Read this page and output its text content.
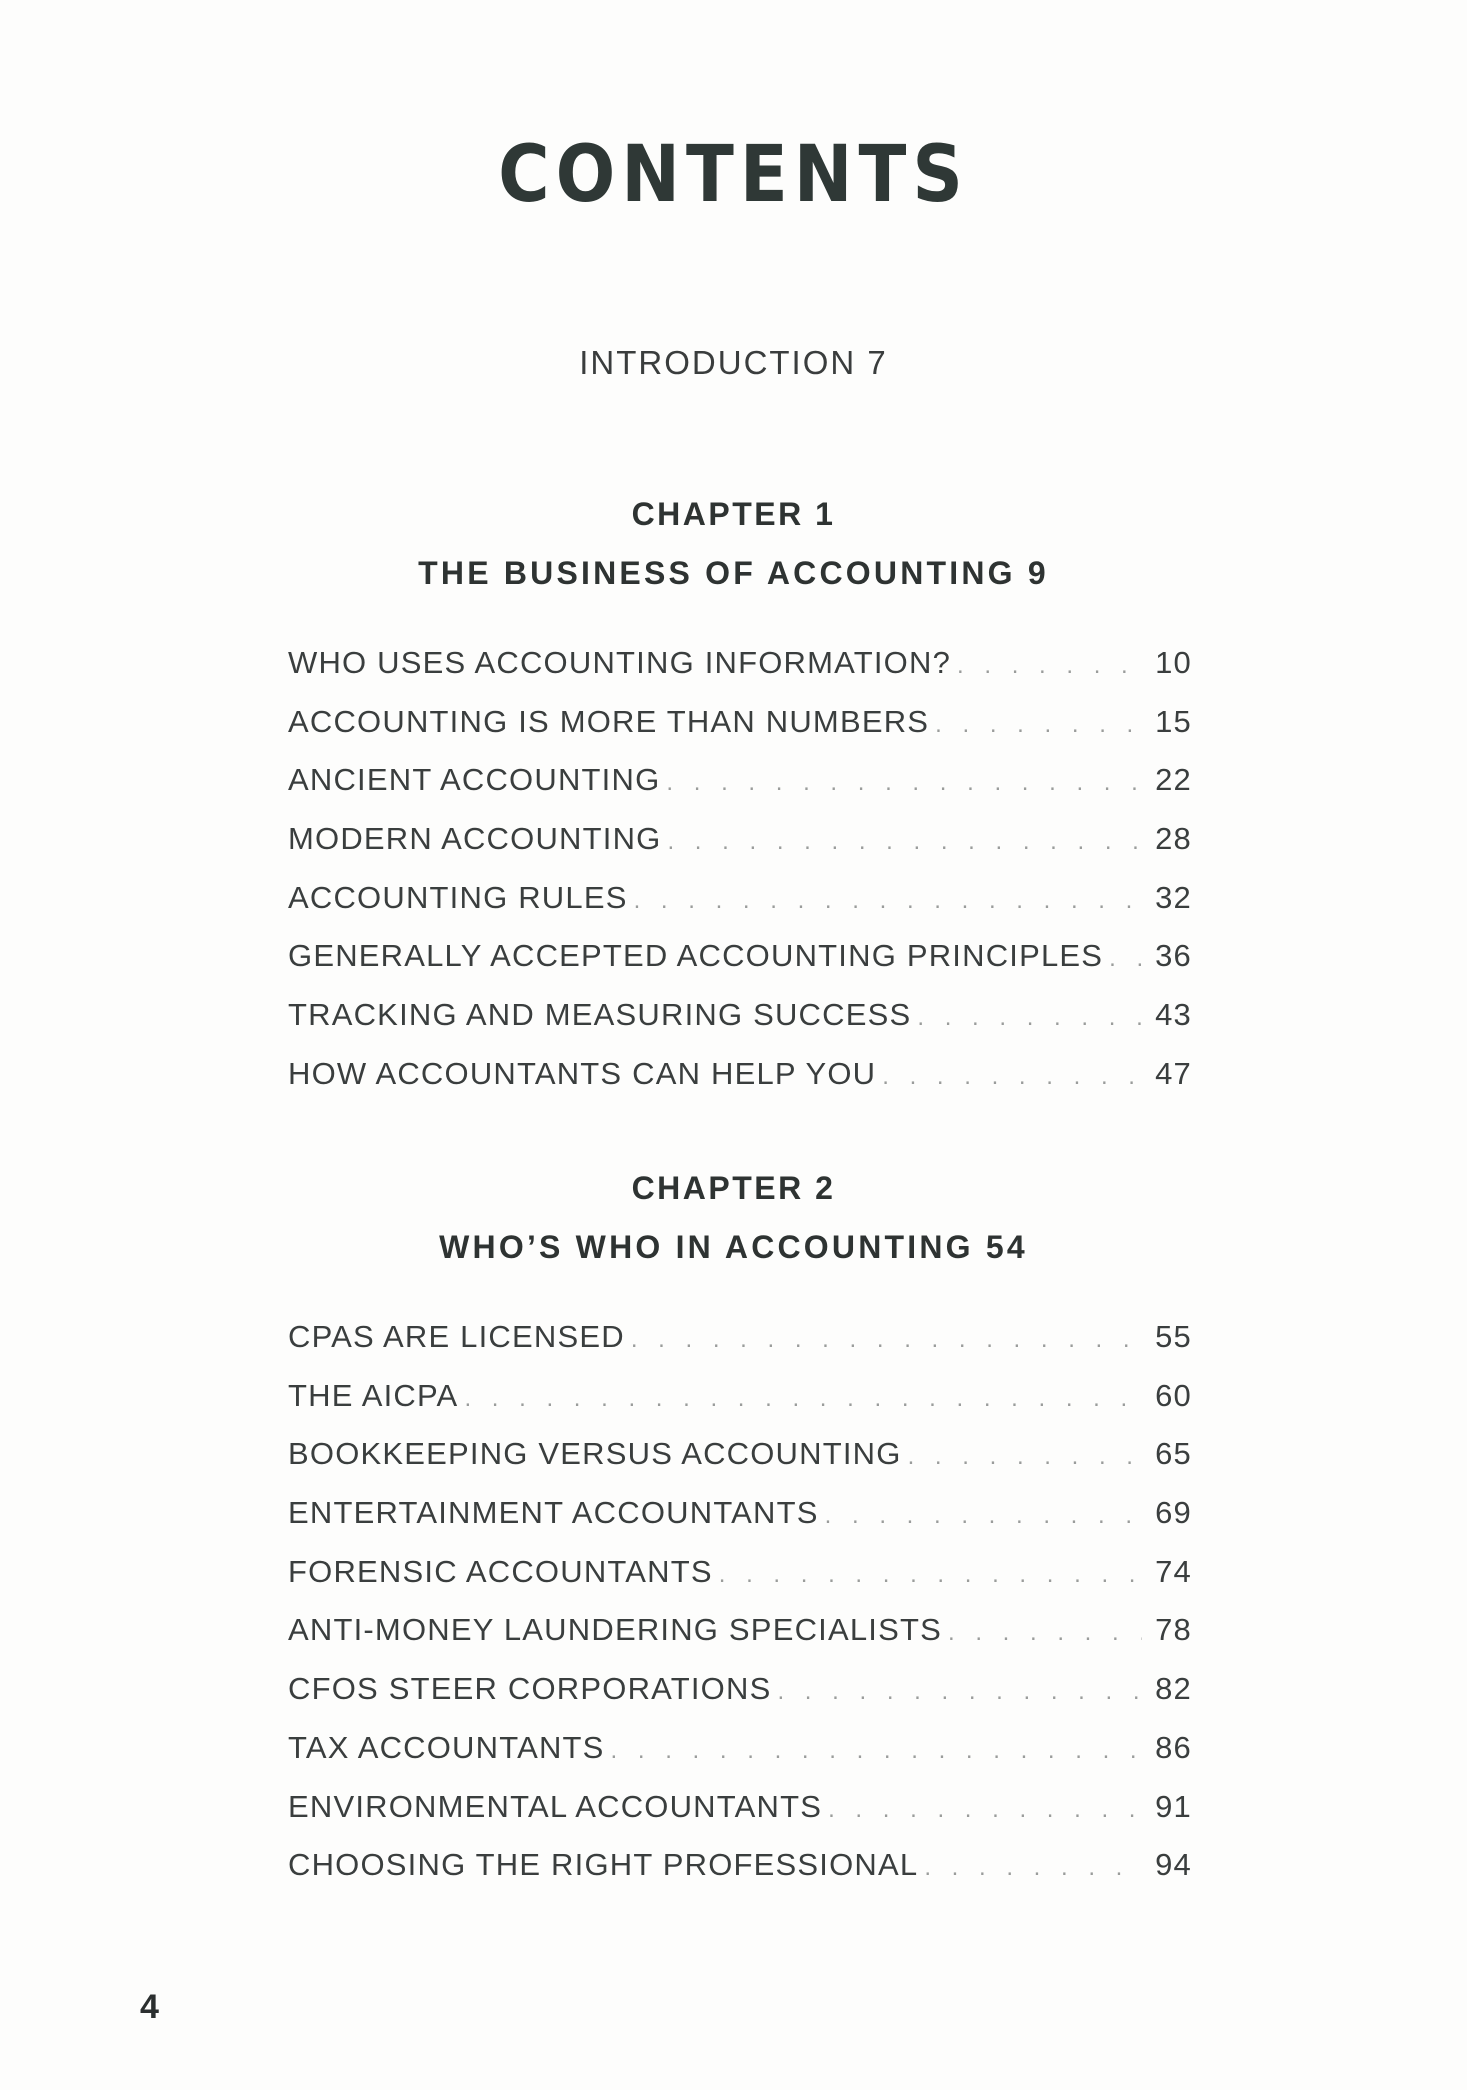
CONTENTS
INTRODUCTION 7
CHAPTER 1
THE BUSINESS OF ACCOUNTING 9
WHO USES ACCOUNTING INFORMATION? . . .	10
ACCOUNTING IS MORE THAN NUMBERS . . .	15
ANCIENT ACCOUNTING . . .	22
MODERN ACCOUNTING . . .	28
ACCOUNTING RULES . . .	32
GENERALLY ACCEPTED ACCOUNTING PRINCIPLES . . . 36
TRACKING AND MEASURING SUCCESS . . .	43
HOW ACCOUNTANTS CAN HELP YOU . . .	47
CHAPTER 2
WHO’S WHO IN ACCOUNTING 54
CPAS ARE LICENSED . . .	55
THE AICPA . . .	60
BOOKKEEPING VERSUS ACCOUNTING . . .	65
ENTERTAINMENT ACCOUNTANTS . . .	69
FORENSIC ACCOUNTANTS . . .	74
ANTI-MONEY LAUNDERING SPECIALISTS . . .	78
CFOS STEER CORPORATIONS . . .	82
TAX ACCOUNTANTS . . .	86
ENVIRONMENTAL ACCOUNTANTS . . .	91
CHOOSING THE RIGHT PROFESSIONAL . . .	94
4
